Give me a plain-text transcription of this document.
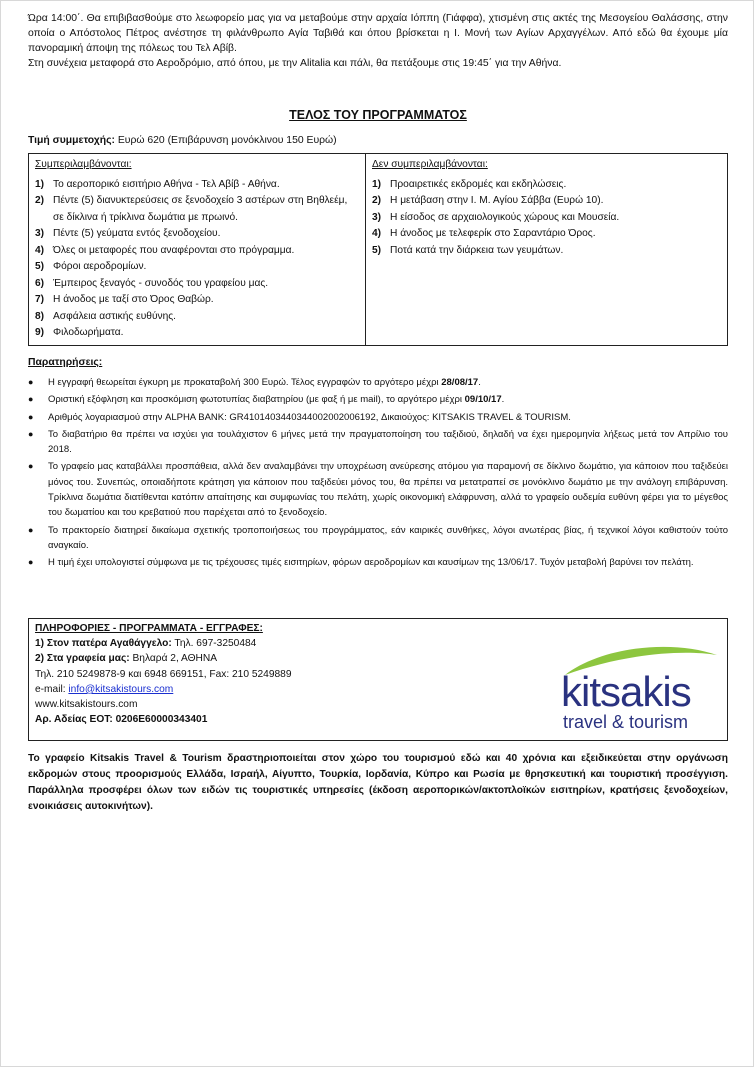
Ώρα 14:00΄. Θα επιβιβασθούμε στο λεωφορείο μας για να μεταβούμε στην αρχαία Ιόππη (Γιάφφα), χτισμένη στις ακτές της Μεσογείου Θαλάσσης, στην οποία ο Απόστολος Πέτρος ανέστησε τη φιλάνθρωπο Αγία Ταβιθά και όπου βρίσκεται η Ι. Μονή των Αγίων Αρχαγγέλων. Από εδώ θα έχουμε μία πανοραμική άποψη της πόλεως του Τελ Αβίβ.

Στη συνέχεια μεταφορά στο Αεροδρόμιο, από όπου, με την Alitalia και πάλι, θα πετάξουμε στις 19:45΄ για την Αθήνα.

ΤΕΛΟΣ ΤΟΥ ΠΡΟΓΡΑΜΜΑΤΟΣ
Τιμή συμμετοχής: Ευρώ 620 (Επιβάρυνση μονόκλινου 150 Ευρώ)
Συμπεριλαμβάνονται:
1) Το αεροπορικό εισιτήριο Αθήνα - Τελ Αβίβ - Αθήνα.
2) Πέντε (5) διανυκτερεύσεις σε ξενοδοχείο 3 αστέρων στη Βηθλεέμ, σε δίκλινα ή τρίκλινα δωμάτια με πρωινό.
3) Πέντε (5) γεύματα εντός ξενοδοχείου.
4) Όλες οι μεταφορές που αναφέρονται στο πρόγραμμα.
5) Φόροι αεροδρομίων.
6) Έμπειρος ξεναγός - συνοδός του γραφείου μας.
7) Η άνοδος με ταξί στο Όρος Θαβώρ.
8) Ασφάλεια αστικής ευθύνης.
9) Φιλοδωρήματα.
Δεν συμπεριλαμβάνονται:
1) Προαιρετικές εκδρομές και εκδηλώσεις.
2) Η μετάβαση στην Ι. Μ. Αγίου Σάββα (Ευρώ 10).
3) Η είσοδος σε αρχαιολογικούς χώρους και Μουσεία.
4) Η άνοδος με τελεφερίκ στο Σαραντάριο Όρος.
5) Ποτά κατά την διάρκεια των γευμάτων.
Παρατηρήσεις:
●	Η εγγραφή θεωρείται έγκυρη με προκαταβολή 300 Ευρώ. Τέλος εγγραφών το αργότερο μέχρι 28/08/17.
●	Οριστική εξόφληση και προσκόμιση φωτοτυπίας διαβατηρίου (με φαξ ή με mail), το αργότερο μέχρι 09/10/17.
●	Αριθμός λογαριασμού στην ALPHA BANK: GR4101403440344002002006192, Δικαιούχος: KITSAKIS TRAVEL & TOURISM.
●	Το διαβατήριο θα πρέπει να ισχύει για τουλάχιστον 6 μήνες μετά την πραγματοποίηση του ταξιδιού, δηλαδή να έχει ημερομηνία λήξεως μετά τον Απρίλιο του 2018.
●	Το γραφείο μας καταβάλλει προσπάθεια, αλλά δεν αναλαμβάνει την υποχρέωση ανεύρεσης ατόμου για παραμονή σε δίκλινο δωμάτιο, για κάποιον που ταξιδεύει μόνος του. Συνεπώς, οποιαδήποτε κράτηση για κάποιον που ταξιδεύει μόνος του, θα πρέπει να μετατραπεί σε μονόκλινο δωμάτιο με την ανάλογη επιβάρυνση. Τρίκλινα δωμάτια διατίθενται κατόπιν απαίτησης και συμφωνίας του πελάτη, χωρίς οικονομική ελάφρυνση, αλλά το γραφείο ουδεμία ευθύνη φέρει για το μέγεθος του δωματίου και του κρεβατιού που παρέχεται από το ξενοδοχείο.
●	Το πρακτορείο διατηρεί δικαίωμα σχετικής τροποποιήσεως του προγράμματος, εάν καιρικές συνθήκες, λόγοι ανωτέρας βίας, ή τεχνικοί λόγοι καθιστούν τούτο αναγκαίο.
●	Η τιμή έχει υπολογιστεί σύμφωνα με τις τρέχουσες τιμές εισιτηρίων, φόρων αεροδρομίων και καυσίμων της 13/06/17. Τυχόν μεταβολή βαρύνει τον πελάτη.
ΠΛΗΡΟΦΟΡΙΕΣ - ΠΡΟΓΡΑΜΜΑΤΑ - ΕΓΓΡΑΦΕΣ:
1) Στον πατέρα Αγαθάγγελο: Τηλ. 697-3250484
2) Στα γραφεία μας: Βηλαρά 2, ΑΘΗΝΑ
Τηλ. 210 5249878-9 και 6948 669151, Fax: 210 5249889
e-mail: info@kitsakistours.com
www.kitsakistours.com
Αρ. Αδείας ΕΟΤ: 0206Ε60000343401
kitsakis
travel & tourism
Το γραφείο Kitsakis Travel & Tourism δραστηριοποιείται στον χώρο του τουρισμού εδώ και 40 χρόνια και εξειδικεύεται στην οργάνωση εκδρομών στους προορισμούς Ελλάδα, Ισραήλ, Αίγυπτο, Τουρκία, Ιορδανία, Κύπρο και Ρωσία με θρησκευτική και τουριστική προσέγγιση. Παράλληλα προσφέρει όλων των ειδών τις τουριστικές υπηρεσίες (έκδοση αεροπορικών/ακτοπλοϊκών εισιτηρίων, κρατήσεις ξενοδοχείων, ενοικιάσεις αυτοκινήτων).
